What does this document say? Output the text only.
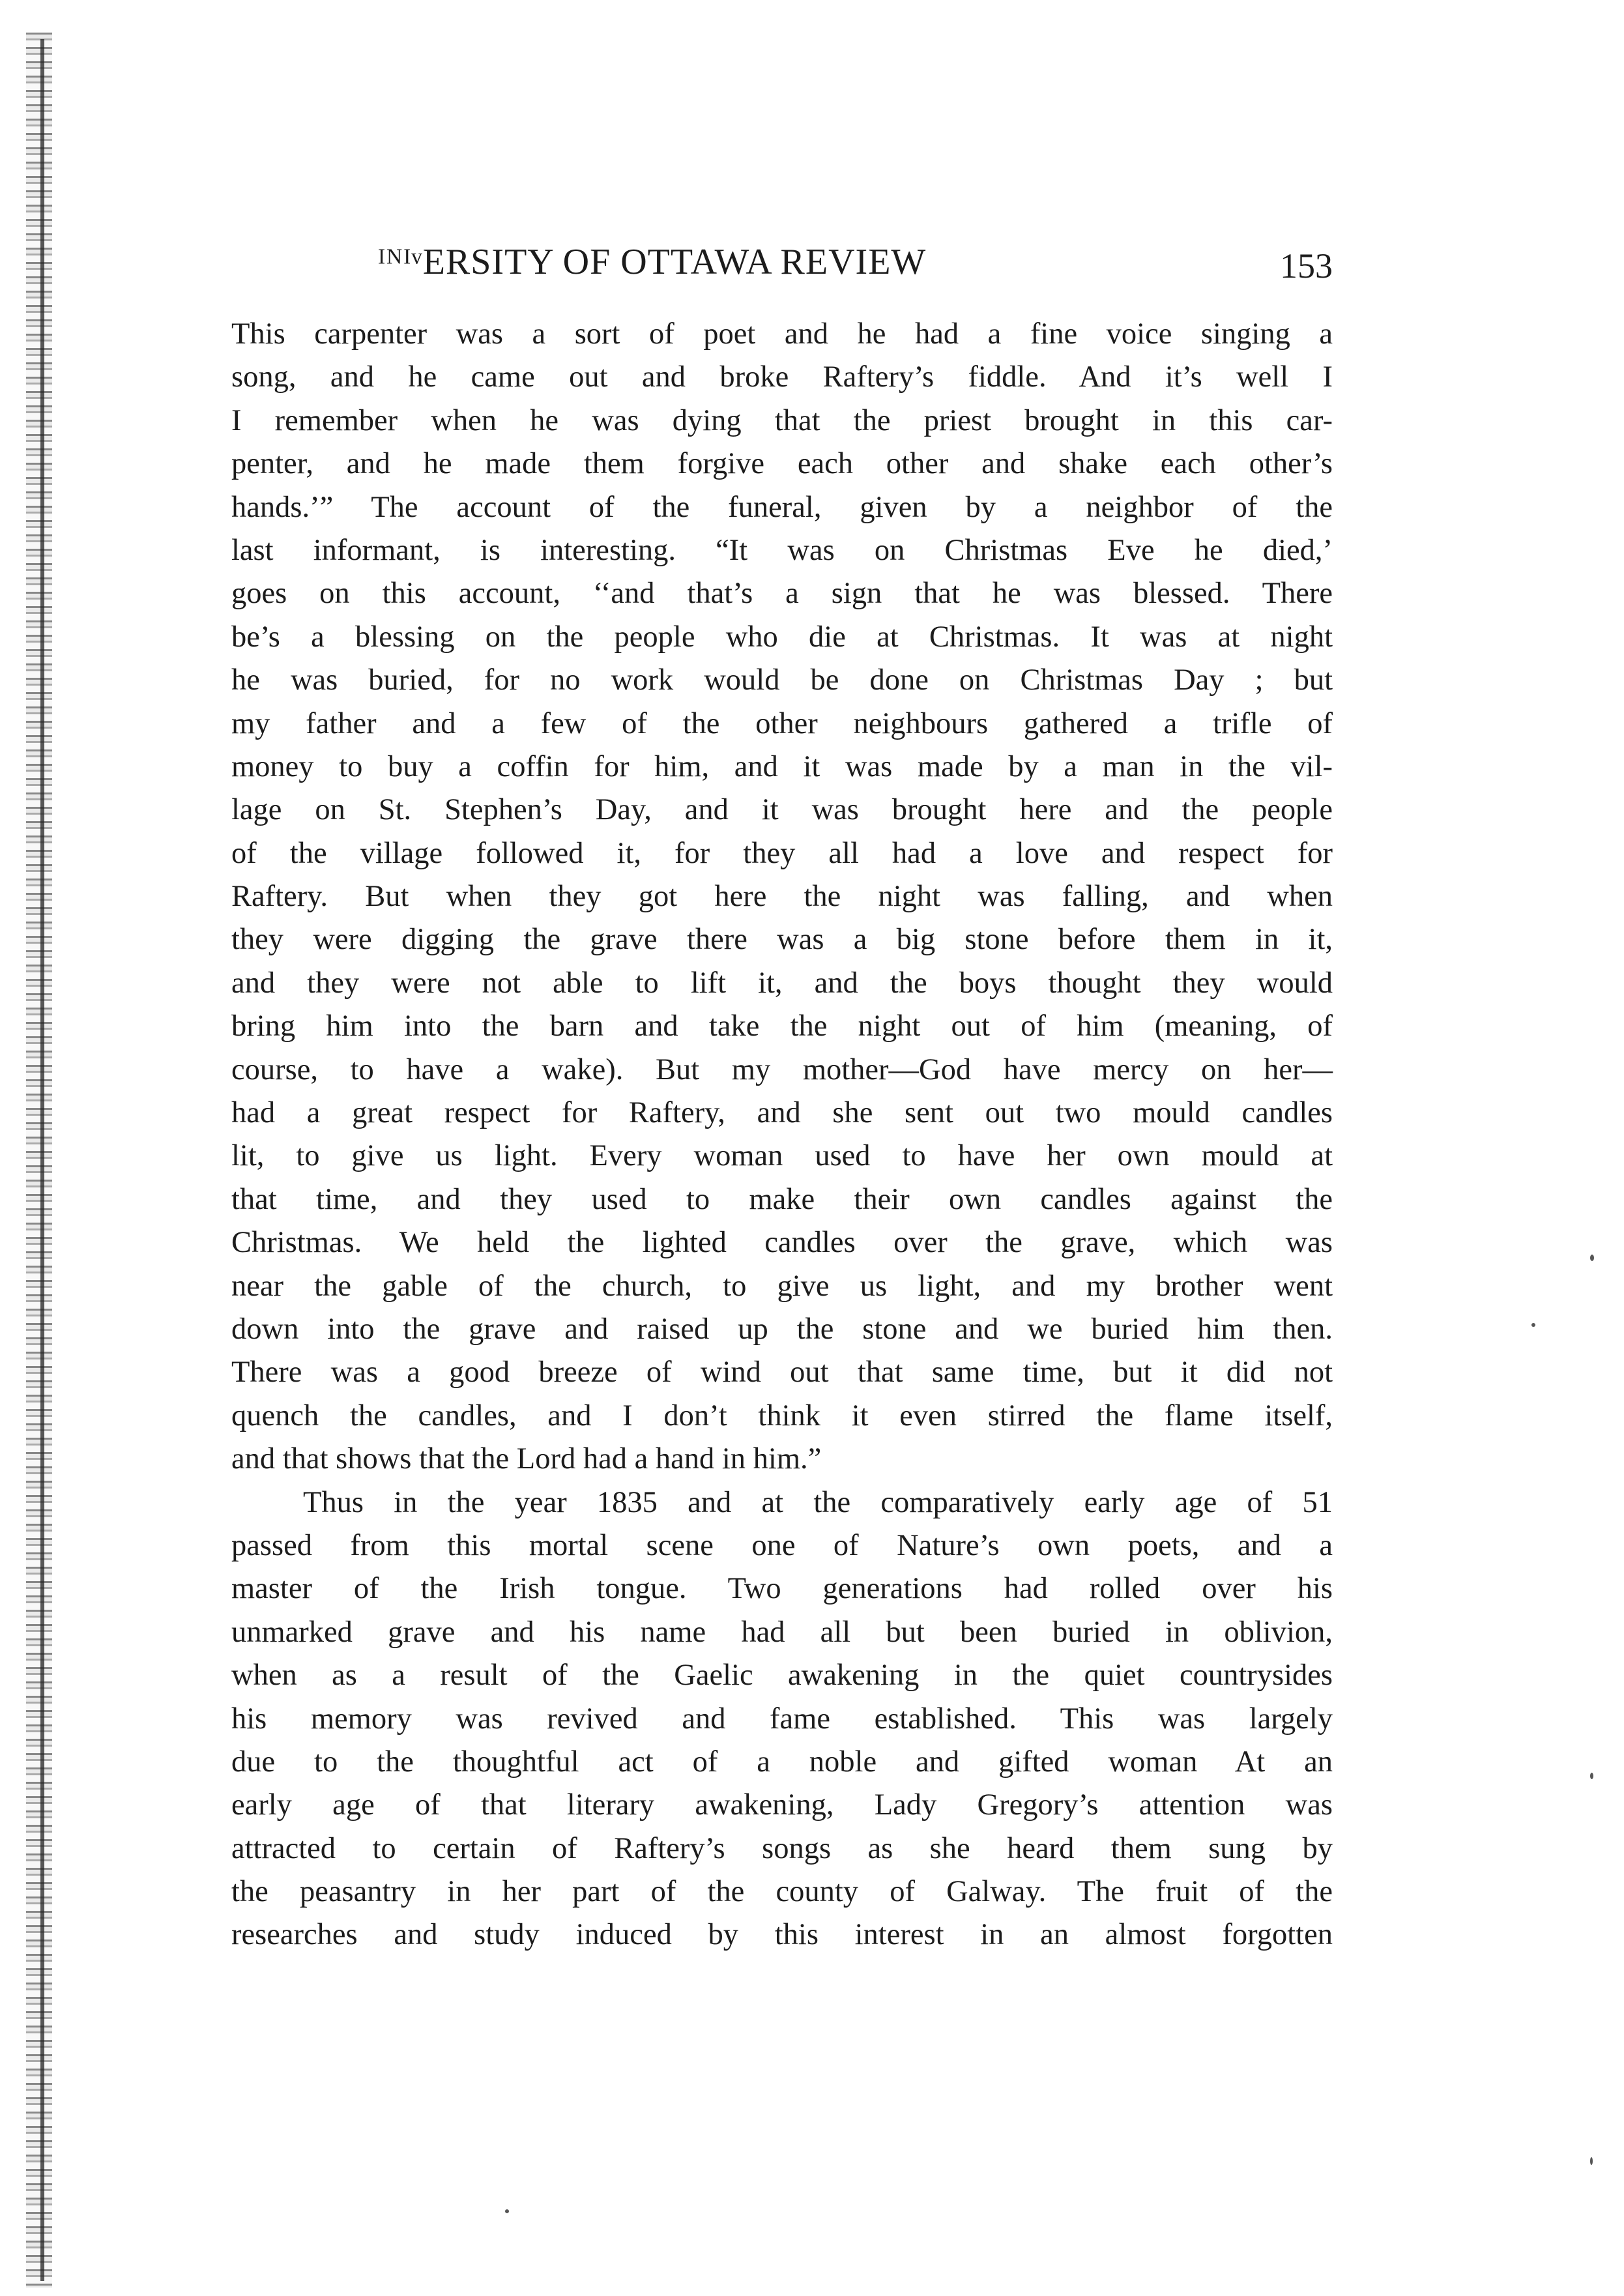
ᴵᴺᴵᵛERSITY OF OTTAWA REVIEW	153
This carpenter was a sort of poet and he had a fine voice singing a
song, and he came out and broke Raftery’s fiddle. And it’s well I
I remember when he was dying that the priest brought in this car-
penter, and he made them forgive each other and shake each other’s
hands.’” The account of the funeral, given by a neighbor of the
last informant, is interesting. “It was on Christmas Eve he died,’
goes on this account, ‘‘and that’s a sign that he was blessed. There
be’s a blessing on the people who die at Christmas. It was at night
he was buried, for no work would be done on Christmas Day ; but
my father and a few of the other neighbours gathered a trifle of
money to buy a coffin for him, and it was made by a man in the vil-
lage on St. Stephen’s Day, and it was brought here and the people
of the village followed it, for they all had a love and respect for
Raftery. But when they got here the night was falling, and when
they were digging the grave there was a big stone before them in it,
and they were not able to lift it, and the boys thought they would
bring him into the barn and take the night out of him (meaning, of
course, to have a wake). But my mother—God have mercy on her—
had a great respect for Raftery, and she sent out two mould candles
lit, to give us light. Every woman used to have her own mould at
that time, and they used to make their own candles against the
Christmas. We held the lighted candles over the grave, which was
near the gable of the church, to give us light, and my brother went
down into the grave and raised up the stone and we buried him then.
There was a good breeze of wind out that same time, but it did not
quench the candles, and I don’t think it even stirred the flame itself,
and that shows that the Lord had a hand in him.”
Thus in the year 1835 and at the comparatively early age of 51
passed from this mortal scene one of Nature’s own poets, and a
master of the Irish tongue. Two generations had rolled over his
unmarked grave and his name had all but been buried in oblivion,
when as a result of the Gaelic awakening in the quiet countrysides
his memory was revived and fame established. This was largely
due to the thoughtful act of a noble and gifted woman At an
early age of that literary awakening, Lady Gregory’s attention was
attracted to certain of Raftery’s songs as she heard them sung by
the peasantry in her part of the county of Galway. The fruit of the
researches and study induced by this interest in an almost forgotten
